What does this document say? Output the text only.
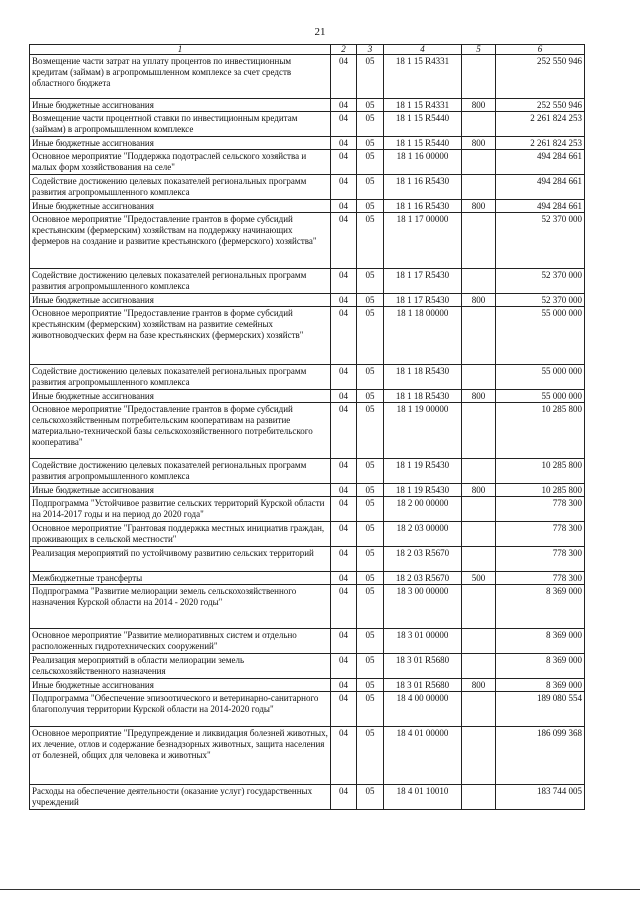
21
1	2	3	4	5	6
Возмещение части затрат на уплату процентов по инвестиционным кредитам (займам) в агропромышленном комплексе за счет средств областного бюджета	04	05	18 1 15 R4331		252 550 946
Иные бюджетные ассигнования	04	05	18 1 15 R4331	800	252 550 946
Возмещение части процентной ставки по инвестиционным кредитам (займам) в агропромышленном комплексе	04	05	18 1 15 R5440		2 261 824 253
Иные бюджетные ассигнования	04	05	18 1 15 R5440	800	2 261 824 253
Основное мероприятие "Поддержка подотраслей сельского хозяйства и малых форм хозяйствования на селе"	04	05	18 1 16 00000		494 284 661
Содействие достижению целевых показателей региональных программ развития агропромышленного комплекса	04	05	18 1 16 R5430		494 284 661
Иные бюджетные ассигнования	04	05	18 1 16 R5430	800	494 284 661
Основное мероприятие "Предоставление грантов в форме субсидий крестьянским (фермерским) хозяйствам на поддержку начинающих фермеров на создание и развитие крестьянского (фермерского) хозяйства"	04	05	18 1 17 00000		52 370 000
Содействие достижению целевых показателей региональных программ развития агропромышленного комплекса	04	05	18 1 17 R5430		52 370 000
Иные бюджетные ассигнования	04	05	18 1 17 R5430	800	52 370 000
Основное мероприятие "Предоставление грантов в форме субсидий крестьянским (фермерским) хозяйствам на развитие семейных животноводческих ферм на базе крестьянских (фермерских) хозяйств"	04	05	18 1 18 00000		55 000 000
Содействие достижению целевых показателей региональных программ развития агропромышленного комплекса	04	05	18 1 18 R5430		55 000 000
Иные бюджетные ассигнования	04	05	18 1 18 R5430	800	55 000 000
Основное мероприятие "Предоставление грантов в форме субсидий сельскохозяйственным потребительским кооперативам на развитие материально-технической базы сельскохозяйственного потребительского кооператива"	04	05	18 1 19 00000		10 285 800
Содействие достижению целевых показателей региональных программ развития агропромышленного комплекса	04	05	18 1 19 R5430		10 285 800
Иные бюджетные ассигнования	04	05	18 1 19 R5430	800	10 285 800
Подпрограмма "Устойчивое развитие сельских территорий Курской области на 2014-2017 годы и на период до 2020 года"	04	05	18 2 00 00000		778 300
Основное мероприятие "Грантовая поддержка местных инициатив граждан, проживающих в сельской местности"	04	05	18 2 03 00000		778 300
Реализация мероприятий по устойчивому развитию сельских территорий	04	05	18 2 03 R5670		778 300
Межбюджетные трансферты	04	05	18 2 03 R5670	500	778 300
Подпрограмма "Развитие мелиорации земель сельскохозяйственного назначения Курской области на 2014 - 2020 годы"	04	05	18 3 00 00000		8 369 000
Основное мероприятие "Развитие мелиоративных систем и отдельно расположенных гидротехнических сооружений"	04	05	18 3 01 00000		8 369 000
Реализация мероприятий в области мелиорации земель сельскохозяйственного назначения	04	05	18 3 01 R5680		8 369 000
Иные бюджетные ассигнования	04	05	18 3 01 R5680	800	8 369 000
Подпрограмма "Обеспечение эпизоотического и ветеринарно-санитарного благополучия территории Курской области на 2014-2020 годы"	04	05	18 4 00 00000		189 080 554
Основное мероприятие "Предупреждение и ликвидация болезней животных, их лечение, отлов и содержание безнадзорных животных, защита населения от болезней, общих для человека и животных"	04	05	18 4 01 00000		186 099 368
Расходы на обеспечение деятельности (оказание услуг) государственных учреждений	04	05	18 4 01 10010		183 744 005
